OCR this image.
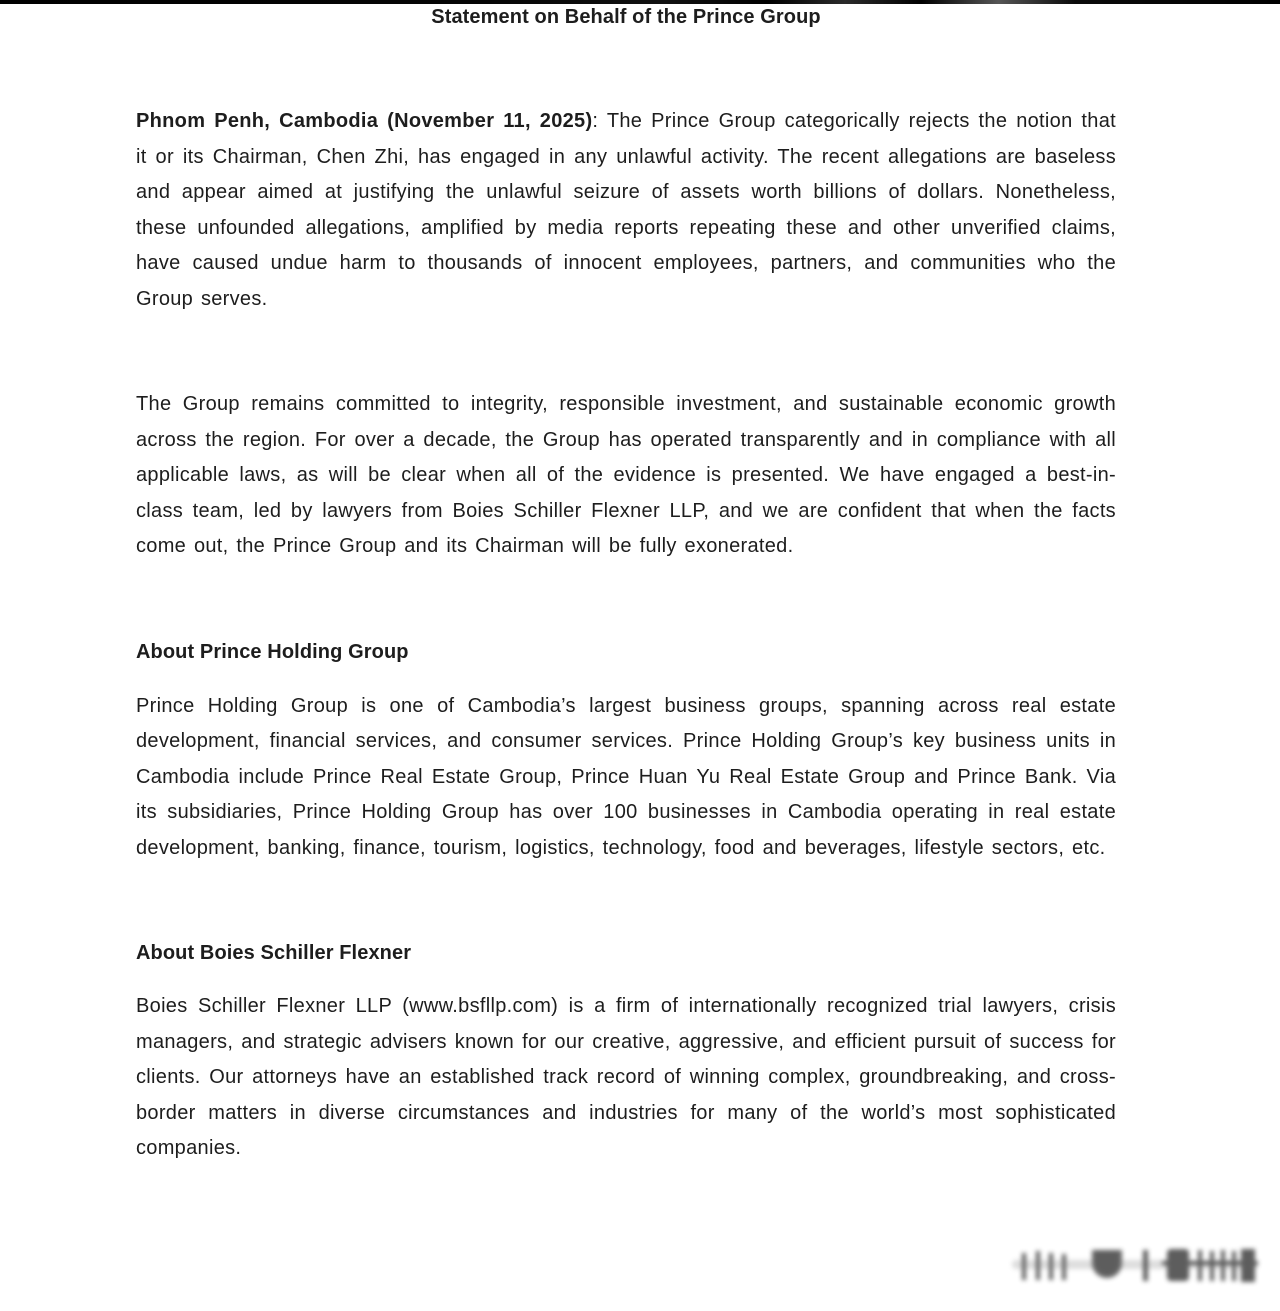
Statement on Behalf of the Prince Group

Phnom Penh, Cambodia (November 11, 2025): The Prince Group categorically rejects the notion that it or its Chairman, Chen Zhi, has engaged in any unlawful activity. The recent allegations are baseless and appear aimed at justifying the unlawful seizure of assets worth billions of dollars. Nonetheless, these unfounded allegations, amplified by media reports repeating these and other unverified claims, have caused undue harm to thousands of innocent employees, partners, and communities who the Group serves.

The Group remains committed to integrity, responsible investment, and sustainable economic growth across the region. For over a decade, the Group has operated transparently and in compliance with all applicable laws, as will be clear when all of the evidence is presented. We have engaged a best-in-class team, led by lawyers from Boies Schiller Flexner LLP, and we are confident that when the facts come out, the Prince Group and its Chairman will be fully exonerated.

About Prince Holding Group

Prince Holding Group is one of Cambodia’s largest business groups, spanning across real estate development, financial services, and consumer services. Prince Holding Group’s key business units in Cambodia include Prince Real Estate Group, Prince Huan Yu Real Estate Group and Prince Bank. Via its subsidiaries, Prince Holding Group has over 100 businesses in Cambodia operating in real estate development, banking, finance, tourism, logistics, technology, food and beverages, lifestyle sectors, etc.

About Boies Schiller Flexner

Boies Schiller Flexner LLP (www.bsfllp.com) is a firm of internationally recognized trial lawyers, crisis managers, and strategic advisers known for our creative, aggressive, and efficient pursuit of success for clients. Our attorneys have an established track record of winning complex, groundbreaking, and cross-border matters in diverse circumstances and industries for many of the world’s most sophisticated companies.
